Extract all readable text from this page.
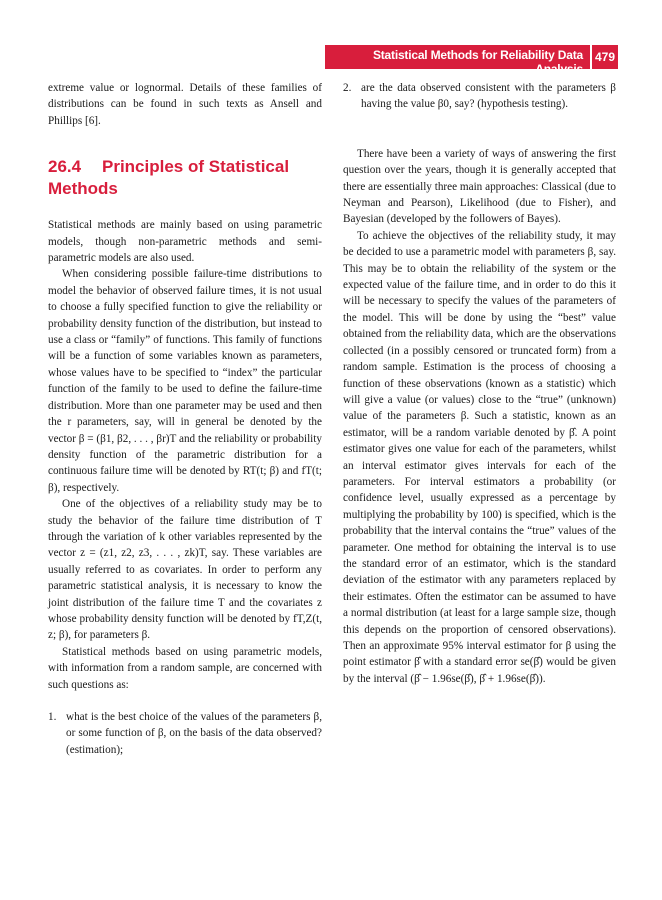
Statistical Methods for Reliability Data Analysis
479

extreme value or lognormal. Details of these families of distributions can be found in such texts as Ansell and Phillips [6].

26.4 Principles of Statistical Methods

Statistical methods are mainly based on using parametric models, though non-parametric methods and semi-parametric models are also used.

When considering possible failure-time distributions to model the behavior of observed failure times, it is not usual to choose a fully specified function to give the reliability or probability density function of the distribution, but instead to use a class or “family” of functions. This family of functions will be a function of some variables known as parameters, whose values have to be specified to “index” the particular function of the family to be used to define the failure-time distribution. More than one parameter may be used and then the r parameters, say, will in general be denoted by the vector β = (β1, β2, . . . , βr)T and the reliability or probability density function of the parametric distribution for a continuous failure time will be denoted by RT(t; β) and fT(t; β), respectively.

One of the objectives of a reliability study may be to study the behavior of the failure time distribution of T through the variation of k other variables represented by the vector z = (z1, z2, z3, . . . , zk)T, say. These variables are usually referred to as covariates. In order to perform any parametric statistical analysis, it is necessary to know the joint distribution of the failure time T and the covariates z whose probability density function will be denoted by fT,Z(t, z; β), for parameters β.

Statistical methods based on using parametric models, with information from a random sample, are concerned with such questions as:

1. what is the best choice of the values of the parameters β, or some function of β, on the basis of the data observed? (estimation);
2. are the data observed consistent with the parameters β having the value β0, say? (hypothesis testing).

There have been a variety of ways of answering the first question over the years, though it is generally accepted that there are essentially three main approaches: Classical (due to Neyman and Pearson), Likelihood (due to Fisher), and Bayesian (developed by the followers of Bayes).

To achieve the objectives of the reliability study, it may be decided to use a parametric model with parameters β, say. This may be to obtain the reliability of the system or the expected value of the failure time, and in order to do this it will be necessary to specify the values of the parameters of the model. This will be done by using the “best” value obtained from the reliability data, which are the observations collected (in a possibly censored or truncated form) from a random sample. Estimation is the process of choosing a function of these observations (known as a statistic) which will give a value (or values) close to the “true” (unknown) value of the parameters β. Such a statistic, known as an estimator, will be a random variable denoted by β̂. A point estimator gives one value for each of the parameters, whilst an interval estimator gives intervals for each of the parameters. For interval estimators a probability (or confidence level, usually expressed as a percentage by multiplying the probability by 100) is specified, which is the probability that the interval contains the “true” values of the parameter. One method for obtaining the interval is to use the standard error of an estimator, which is the standard deviation of the estimator with any parameters replaced by their estimates. Often the estimator can be assumed to have a normal distribution (at least for a large sample size, though this depends on the proportion of censored observations). Then an approximate 95% interval estimator for β using the point estimator β̂ with a standard error se(β̂) would be given by the interval (β̂ − 1.96se(β̂), β̂ + 1.96se(β̂)).
